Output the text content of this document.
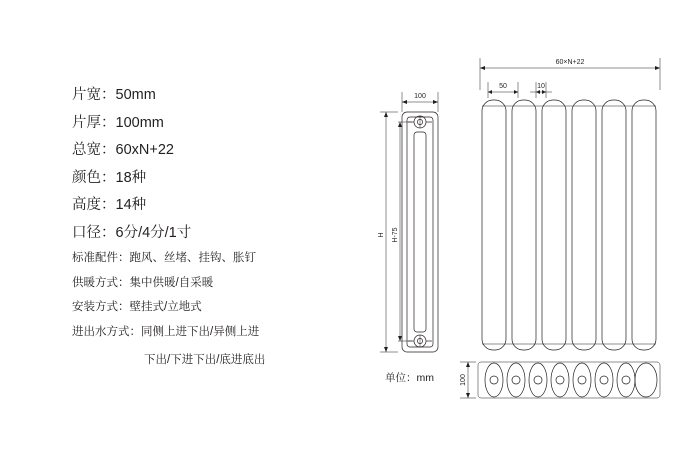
片宽：50mm
片厚：100mm
总宽：60xN+22
颜色：18种
高度：14种
口径：6分/4分/1寸
标准配件：跑风、丝堵、挂钩、胀钉
供暖方式：集中供暖/自采暖
安装方式：壁挂式/立地式
进出水方式：同侧上进下出/异侧上进
下出/下进下出/底进底出
100
H H-75
60×N+22
50	10
100
单位：mm
